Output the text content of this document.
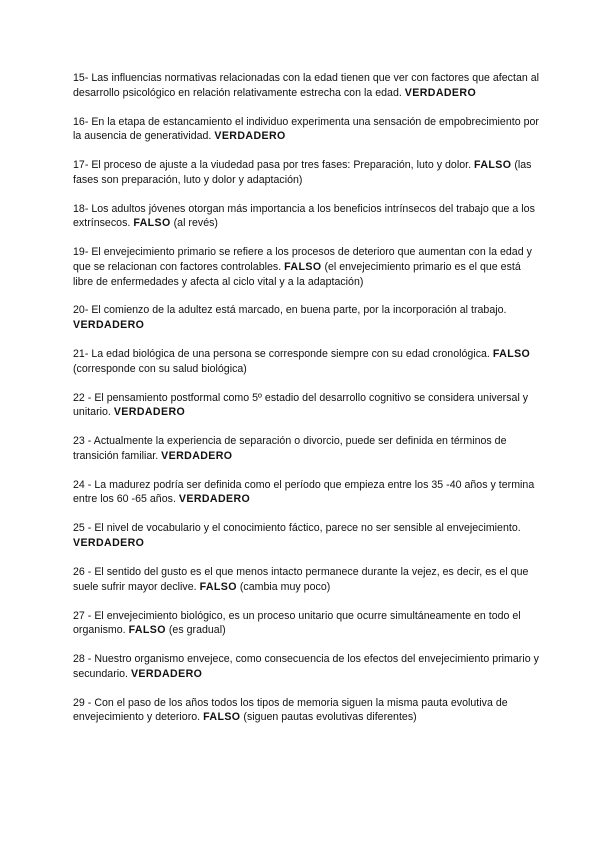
15- Las influencias normativas relacionadas con la edad tienen que ver con factores que afectan al desarrollo psicológico en relación relativamente estrecha con la edad. VERDADERO

16- En la etapa de estancamiento el individuo experimenta una sensación de empobrecimiento por la ausencia de generatividad. VERDADERO

17- El proceso de ajuste a la viudedad pasa por tres fases: Preparación, luto y dolor. FALSO (las fases son preparación, luto y dolor y adaptación)

18- Los adultos jóvenes otorgan más importancia a los beneficios intrínsecos del trabajo que a los extrínsecos. FALSO (al revés)

19- El envejecimiento primario se refiere a los procesos de deterioro que aumentan con la edad y que se relacionan con factores controlables. FALSO (el envejecimiento primario es el que está libre de enfermedades y afecta al ciclo vital y a la adaptación)

20- El comienzo de la adultez está marcado, en buena parte, por la incorporación al trabajo. VERDADERO

21- La edad biológica de una persona se corresponde siempre con su edad cronológica. FALSO (corresponde con su salud biológica)

22 - El pensamiento postformal como 5º estadio del desarrollo cognitivo se considera universal y unitario. VERDADERO

23 - Actualmente la experiencia de separación o divorcio, puede ser definida en términos de transición familiar. VERDADERO

24 - La madurez podría ser definida como el período que empieza entre los 35 -40 años y termina entre los 60 -65 años. VERDADERO

25 - El nivel de vocabulario y el conocimiento fáctico, parece no ser sensible al envejecimiento. VERDADERO

26 - El sentido del gusto es el que menos intacto permanece durante la vejez, es decir, es el que suele sufrir mayor declive. FALSO (cambia muy poco)

27 - El envejecimiento biológico, es un proceso unitario que ocurre simultáneamente en todo el organismo. FALSO (es gradual)

28 - Nuestro organismo envejece, como consecuencia de los efectos del envejecimiento primario y secundario. VERDADERO

29 - Con el paso de los años todos los tipos de memoria siguen la misma pauta evolutiva de envejecimiento y deterioro. FALSO (siguen pautas evolutivas diferentes)
